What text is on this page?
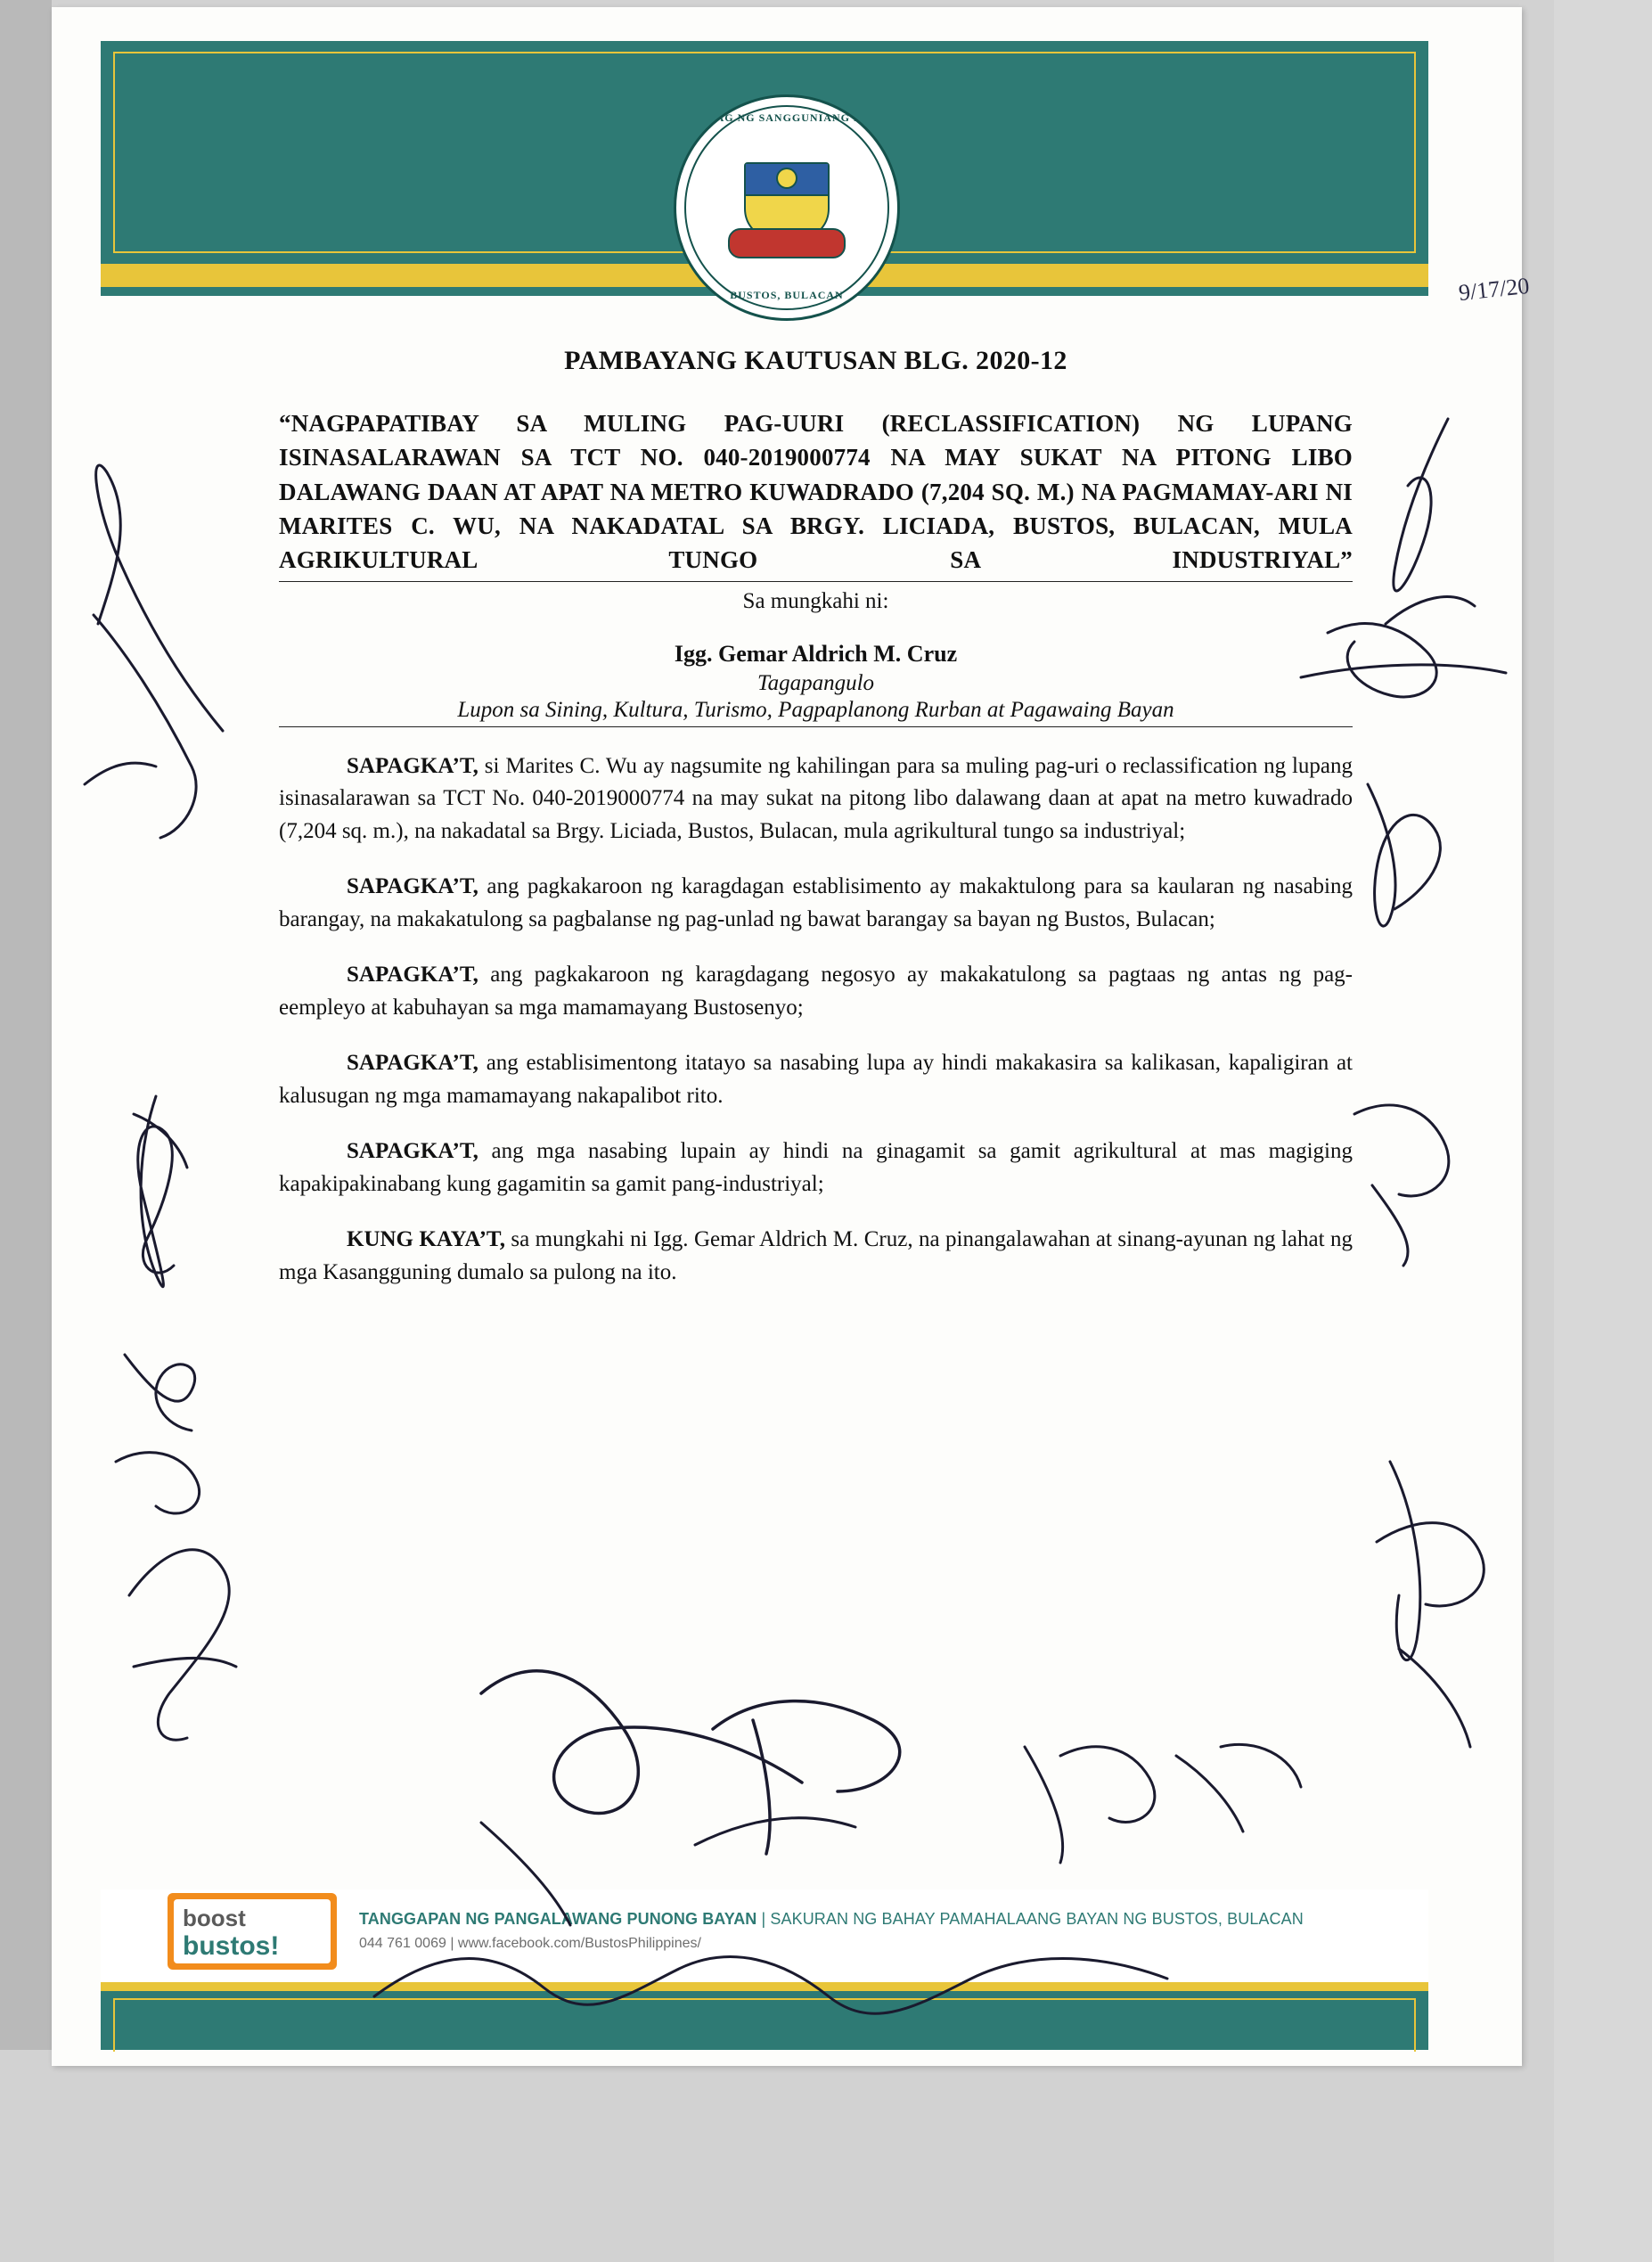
SAGISAG NG SANGGUNIANG BAYAN
BUSTOS, BULACAN
PAMBAYANG KAUTUSAN BLG. 2020-12
“NAGPAPATIBAY SA MULING PAG-UURI (RECLASSIFICATION) NG LUPANG ISINASALARAWAN SA TCT NO. 040-2019000774 NA MAY SUKAT NA PITONG LIBO DALAWANG DAAN AT APAT NA METRO KUWADRADO (7,204 SQ. M.) NA PAGMAMAY-ARI NI MARITES C. WU, NA NAKADATAL SA BRGY. LICIADA, BUSTOS, BULACAN, MULA AGRIKULTURAL TUNGO SA INDUSTRIYAL”
Sa mungkahi ni:
Igg. Gemar Aldrich M. Cruz
Tagapangulo
Lupon sa Sining, Kultura, Turismo, Pagpaplanong Rurban at Pagawaing Bayan

SAPAGKA’T, si Marites C. Wu ay nagsumite ng kahilingan para sa muling pag-uri o reclassification ng lupang isinasalarawan sa TCT No. 040-2019000774 na may sukat na pitong libo dalawang daan at apat na metro kuwadrado (7,204 sq. m.), na nakadatal sa Brgy. Liciada, Bustos, Bulacan, mula agrikultural tungo sa industriyal;

SAPAGKA’T, ang pagkakaroon ng karagdagan establisimento ay makaktulong para sa kaularan ng nasabing barangay, na makakatulong sa pagbalanse ng pag-unlad ng bawat barangay sa bayan ng Bustos, Bulacan;

SAPAGKA’T, ang pagkakaroon ng karagdagang negosyo ay makakatulong sa pagtaas ng antas ng pag-eempleyo at kabuhayan sa mga mamamayang Bustosenyo;

SAPAGKA’T, ang establisimentong itatayo sa nasabing lupa ay hindi makakasira sa kalikasan, kapaligiran at kalusugan ng mga mamamayang nakapalibot rito.

SAPAGKA’T, ang mga nasabing lupain ay hindi na ginagamit sa gamit agrikultural at mas magiging kapakipakinabang kung gagamitin sa gamit pang-industriyal;

KUNG KAYA’T, sa mungkahi ni Igg. Gemar Aldrich M. Cruz, na pinangalawahan at sinang-ayunan ng lahat ng mga Kasangguning dumalo sa pulong na ito.

boost
bustos!
TANGGAPAN NG PANGALAWANG PUNONG BAYAN | SAKURAN NG BAHAY PAMAHALAANG BAYAN NG BUSTOS, BULACAN
044 761 0069 | www.facebook.com/BustosPhilippines/
9/17/20
